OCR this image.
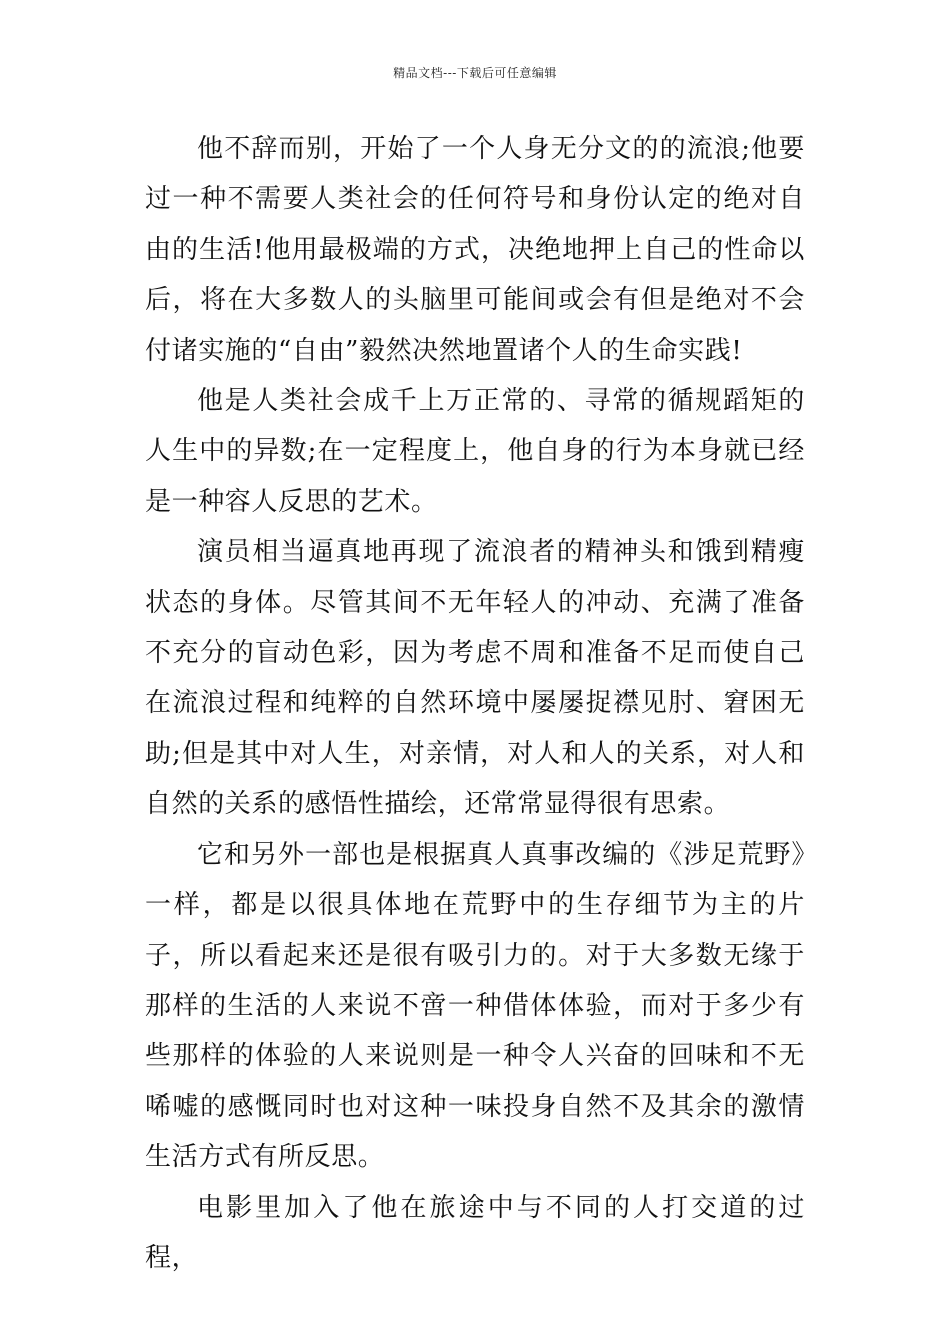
精品文档---下载后可任意编辑

他不辞而别，开始了一个人身无分文的的流浪;他要过一种不需要人类社会的任何符号和身份认定的绝对自由的生活!他用最极端的方式，决绝地押上自己的性命以后，将在大多数人的头脑里可能间或会有但是绝对不会付诸实施的“自由”毅然决然地置诸个人的生命实践!

他是人类社会成千上万正常的、寻常的循规蹈矩的人生中的异数;在一定程度上，他自身的行为本身就已经是一种容人反思的艺术。

演员相当逼真地再现了流浪者的精神头和饿到精瘦状态的身体。尽管其间不无年轻人的冲动、充满了准备不充分的盲动色彩，因为考虑不周和准备不足而使自己在流浪过程和纯粹的自然环境中屡屡捉襟见肘、窘困无助;但是其中对人生，对亲情，对人和人的关系，对人和自然的关系的感悟性描绘，还常常显得很有思索。

它和另外一部也是根据真人真事改编的《涉足荒野》一样，都是以很具体地在荒野中的生存细节为主的片子，所以看起来还是很有吸引力的。对于大多数无缘于那样的生活的人来说不啻一种借体体验，而对于多少有些那样的体验的人来说则是一种令人兴奋的回味和不无唏嘘的感慨同时也对这种一味投身自然不及其余的激情生活方式有所反思。

电影里加入了他在旅途中与不同的人打交道的过程，
